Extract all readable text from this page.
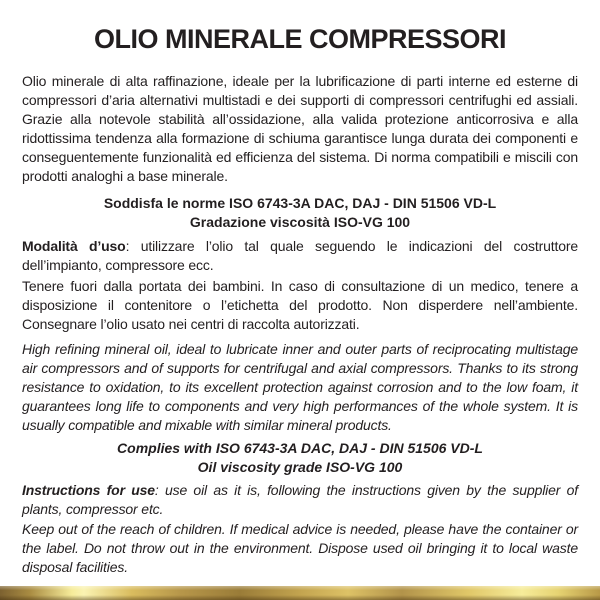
OLIO MINERALE COMPRESSORI

Olio minerale di alta raffinazione, ideale per la lubrificazione di parti interne ed esterne di compressori d’aria alternativi multistadi e dei supporti di compressori centrifughi ed assiali. Grazie alla notevole stabilità all’ossidazione, alla valida protezione anticorrosiva e alla ridottissima tendenza alla formazione di schiuma garantisce lunga durata dei componenti e conseguentemente funzionalità ed efficienza del sistema. Di norma compatibili e miscili con prodotti analoghi a base minerale.

Soddisfa le norme ISO 6743-3A DAC, DAJ - DIN 51506 VD-L
Gradazione viscosità ISO-VG 100

Modalità d’uso: utilizzare l’olio tal quale seguendo le indicazioni del costruttore dell’impianto, compressore ecc.

Tenere fuori dalla portata dei bambini. In caso di consultazione di un medico, tenere a disposizione il contenitore o l’etichetta del prodotto. Non disperdere nell’ambiente. Consegnare l’olio usato nei centri di raccolta autorizzati.

High refining mineral oil, ideal to lubricate inner and outer parts of reciprocating multistage air compressors and of supports for centrifugal and axial compressors. Thanks to its strong resistance to oxidation, to its excellent protection against corrosion and to the low foam, it guarantees long life to components and very high performances of the whole system. It is usually compatible and mixable with similar mineral products.

Complies with ISO 6743-3A DAC, DAJ - DIN 51506 VD-L
Oil viscosity grade ISO-VG 100

Instructions for use: use oil as it is, following the instructions given by the supplier of plants, compressor etc.

Keep out of the reach of children. If medical advice is needed, please have the container or the label. Do not throw out in the environment. Dispose used oil bringing it to local waste disposal facilities.
